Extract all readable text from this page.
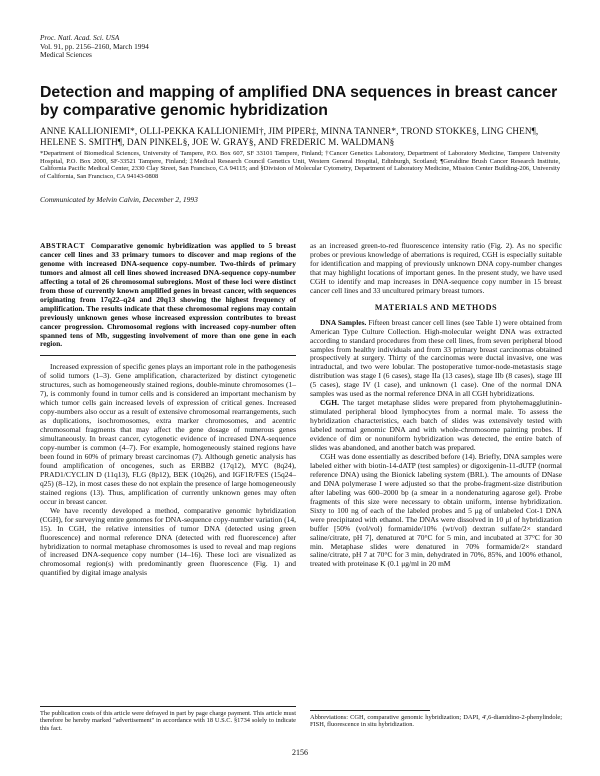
Proc. Natl. Acad. Sci. USA
Vol. 91, pp. 2156–2160, March 1994
Medical Sciences
Detection and mapping of amplified DNA sequences in breast cancer by comparative genomic hybridization
ANNE KALLIONIEMI*, OLLI-PEKKA KALLIONIEMI†, JIM PIPER‡, MINNA TANNER*, TROND STOKKE§, LING CHEN¶, HELENE S. SMITH¶, DAN PINKEL§, JOE W. GRAY§, AND FREDERIC M. WALDMAN§
*Department of Biomedical Sciences, University of Tampere, P.O. Box 607, SF 33101 Tampere, Finland; †Cancer Genetics Laboratory, Department of Laboratory Medicine, Tampere University Hospital, P.O. Box 2000, SF-33521 Tampere, Finland; ‡Medical Research Council Genetics Unit, Western General Hospital, Edinburgh, Scotland; ¶Geraldine Brush Cancer Research Institute, California Pacific Medical Center, 2330 Clay Street, San Francisco, CA 94115; and §Division of Molecular Cytometry, Department of Laboratory Medicine, Mission Center Building-206, University of California, San Francisco, CA 94143-0808
Communicated by Melvin Calvin, December 2, 1993
ABSTRACT Comparative genomic hybridization was applied to 5 breast cancer cell lines and 33 primary tumors to discover and map regions of the genome with increased DNA-sequence copy-number. Two-thirds of primary tumors and almost all cell lines showed increased DNA-sequence copy-number affecting a total of 26 chromosomal subregions. Most of these loci were distinct from those of currently known amplified genes in breast cancer, with sequences originating from 17q22–q24 and 20q13 showing the highest frequency of amplification. The results indicate that these chromosomal regions may contain previously unknown genes whose increased expression contributes to breast cancer progression. Chromosomal regions with increased copy-number often spanned tens of Mb, suggesting involvement of more than one gene in each region.

Increased expression of specific genes plays an important role in the pathogenesis of solid tumors (1–3). Gene amplification, characterized by distinct cytogenetic structures, such as homogeneously stained regions, double-minute chromosomes (1–7), is commonly found in tumor cells and is considered an important mechanism by which tumor cells gain increased levels of expression of critical genes. Increased copy-numbers also occur as a result of extensive chromosomal rearrangements, such as duplications, isochromosomes, extra marker chromosomes, and acentric chromosomal fragments that may affect the gene dosage of numerous genes simultaneously. In breast cancer, cytogenetic evidence of increased DNA-sequence copy-number is common (4–7). For example, homogeneously stained regions have been found in 60% of primary breast carcinomas (7). Although genetic analysis has found amplification of oncogenes, such as ERBB2 (17q12), MYC (8q24), PRAD1/CYCLIN D (11q13), FLG (8p12), BEK (10q26), and IGF1R/FES (15q24–q25) (8–12), in most cases these do not explain the presence of large homogeneously stained regions (13). Thus, amplification of currently unknown genes may often occur in breast cancer.

We have recently developed a method, comparative genomic hybridization (CGH), for surveying entire genomes for DNA-sequence copy-number variation (14, 15). In CGH, the relative intensities of tumor DNA (detected using green fluorescence) and normal reference DNA (detected with red fluorescence) after hybridization to normal metaphase chromosomes is used to reveal and map regions of increased DNA-sequence copy number (14–16). These loci are visualized as chromosomal region(s) with predominantly green fluorescence (Fig. 1) and quantified by digital image analysis

as an increased green-to-red fluorescence intensity ratio (Fig. 2). As no specific probes or previous knowledge of aberrations is required, CGH is especially suitable for identification and mapping of previously unknown DNA copy-number changes that may highlight locations of important genes. In the present study, we have used CGH to identify and map increases in DNA-sequence copy number in 15 breast cancer cell lines and 33 uncultured primary breast tumors.

MATERIALS AND METHODS

DNA Samples. Fifteen breast cancer cell lines (see Table 1) were obtained from American Type Culture Collection. High-molecular weight DNA was extracted according to standard procedures from these cell lines, from seven peripheral blood samples from healthy individuals and from 33 primary breast carcinomas obtained prospectively at surgery. Thirty of the carcinomas were ductal invasive, one was intraductal, and two were lobular. The postoperative tumor-node-metastasis stage distribution was stage I (6 cases), stage IIa (13 cases), stage IIb (8 cases), stage III (5 cases), stage IV (1 case), and unknown (1 case). One of the normal DNA samples was used as the normal reference DNA in all CGH hybridizations.

CGH. The target metaphase slides were prepared from phytohemagglutinin-stimulated peripheral blood lymphocytes from a normal male. To assess the hybridization characteristics, each batch of slides was extensively tested with labeled normal genomic DNA and with whole-chromosome painting probes. If evidence of dim or nonuniform hybridization was detected, the entire batch of slides was abandoned, and another batch was prepared.

CGH was done essentially as described before (14). Briefly, DNA samples were labeled either with biotin-14-dATP (test samples) or digoxigenin-11-dUTP (normal reference DNA) using the Bionick labeling system (BRL). The amounts of DNase and DNA polymerase I were adjusted so that the probe-fragment-size distribution after labeling was 600–2000 bp (a smear in a nondenaturing agarose gel). Probe fragments of this size were necessary to obtain uniform, intense hybridization. Sixty to 100 ng of each of the labeled probes and 5 μg of unlabeled Cot-1 DNA were precipitated with ethanol. The DNAs were dissolved in 10 μl of hybridization buffer [50% (vol/vol) formamide/10% (wt/vol) dextran sulfate/2× standard saline/citrate, pH 7], denatured at 70°C for 5 min, and incubated at 37°C for 30 min. Metaphase slides were denatured in 70% formamide/2× standard saline/citrate, pH 7 at 70°C for 3 min, dehydrated in 70%, 85%, and 100% ethanol, treated with proteinase K (0.1 μg/ml in 20 mM

The publication costs of this article were defrayed in part by page charge payment. This article must therefore be hereby marked "advertisement" in accordance with 18 U.S.C. §1734 solely to indicate this fact.
Abbreviations: CGH, comparative genomic hybridization; DAPI, 4′,6-diamidino-2-phenylindole; FISH, fluorescence in situ hybridization.
2156
